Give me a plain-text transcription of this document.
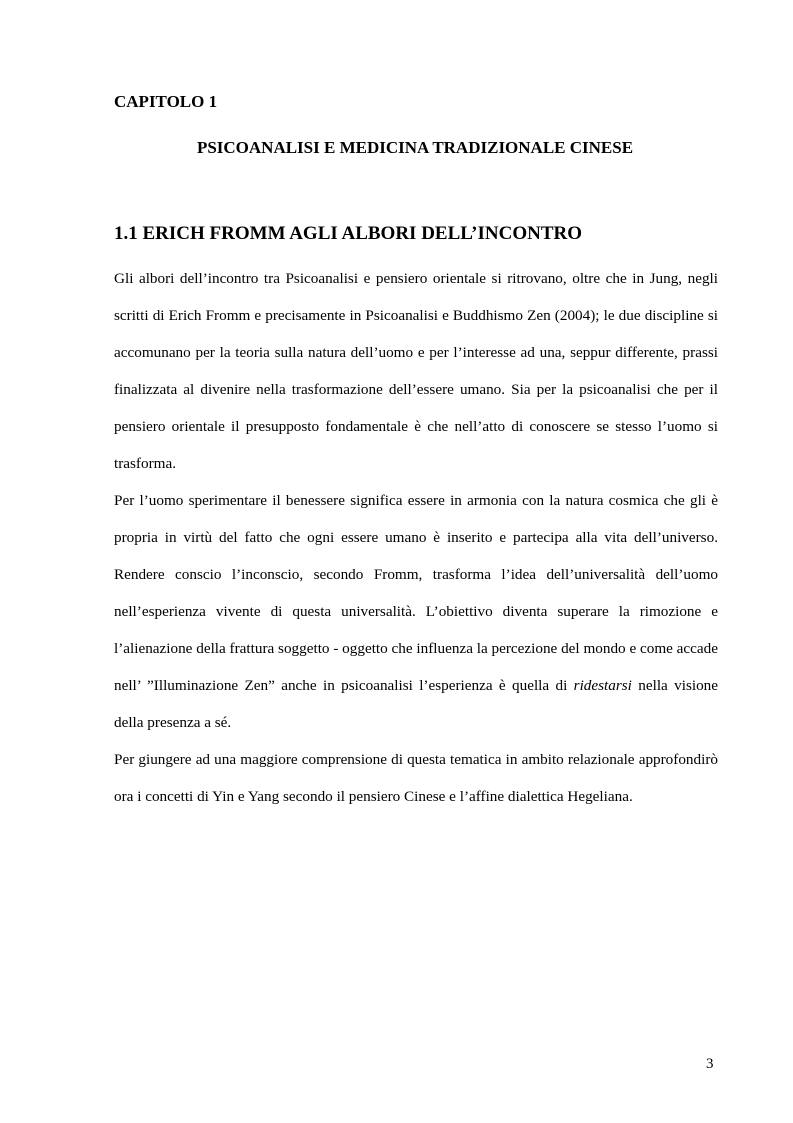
CAPITOLO 1
PSICOANALISI E MEDICINA TRADIZIONALE CINESE
1.1 ERICH FROMM AGLI ALBORI DELL’INCONTRO

Gli albori dell’incontro tra Psicoanalisi e pensiero orientale si ritrovano, oltre che in Jung, negli scritti di Erich Fromm e precisamente in Psicoanalisi e Buddhismo Zen (2004); le due discipline si accomunano per la teoria sulla natura dell’uomo e per l’interesse ad una, seppur differente, prassi finalizzata al divenire nella trasformazione dell’essere umano. Sia per la psicoanalisi che per il pensiero orientale il presupposto fondamentale è che nell’atto di conoscere se stesso l’uomo si trasforma.

Per l’uomo sperimentare il benessere significa essere in armonia con la natura cosmica che gli è propria in virtù del fatto che ogni essere umano è inserito e partecipa alla vita dell’universo. Rendere conscio l’inconscio, secondo Fromm, trasforma l’idea dell’universalità dell’uomo nell’esperienza vivente di questa universalità. L’obiettivo diventa superare la rimozione e l’alienazione della frattura soggetto - oggetto che influenza la percezione del mondo e come accade nell’ ”Illuminazione Zen” anche in psicoanalisi l’esperienza è quella di ridestarsi nella visione della presenza a sé.

Per giungere ad una maggiore comprensione di questa tematica in ambito relazionale approfondirò ora i concetti di Yin e Yang secondo il pensiero Cinese e l’affine dialettica Hegeliana.

3
